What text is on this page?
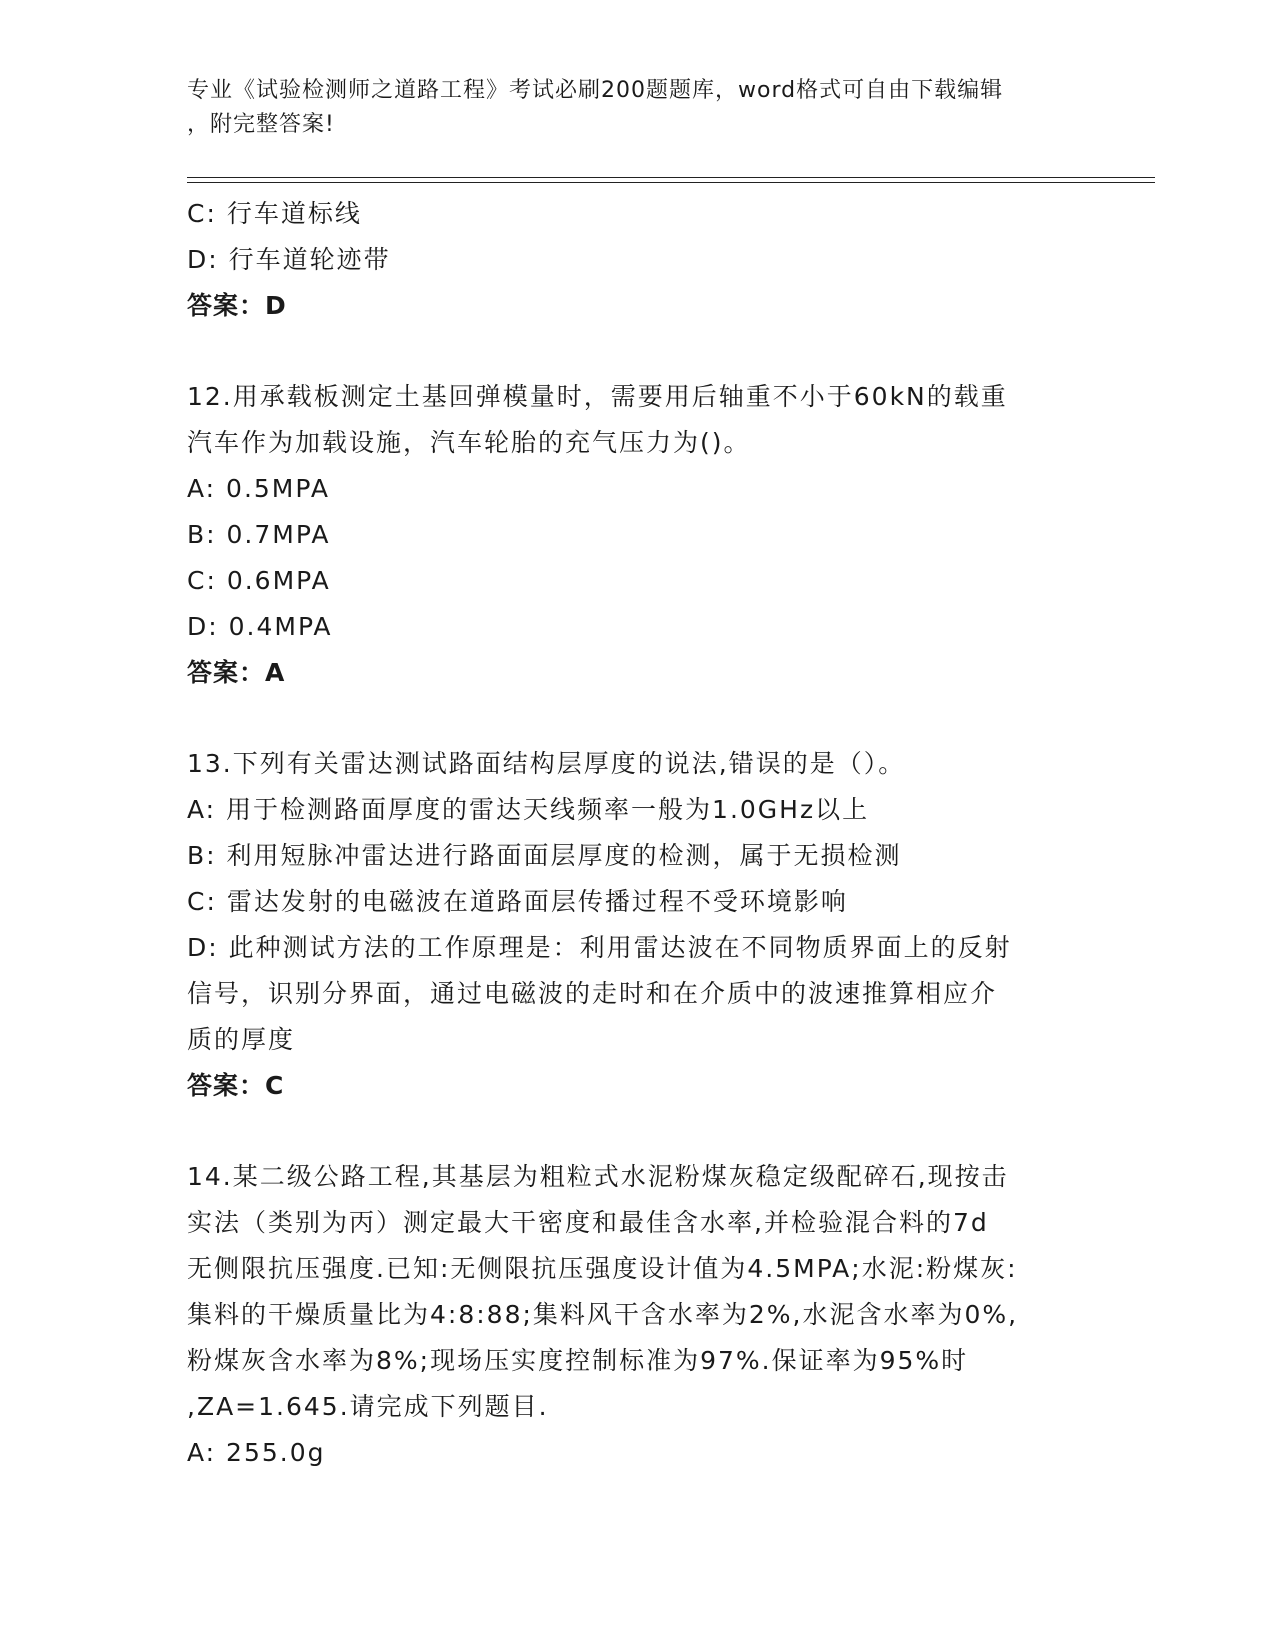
专业《试验检测师之道路工程》考试必刷200题题库，word格式可自由下载编辑
，附完整答案!
C: 行车道标线
D: 行车道轮迹带
答案：D
12.用承载板测定土基回弹模量时，需要用后轴重不小于60kN的载重
汽车作为加载设施，汽车轮胎的充气压力为()。
A: 0.5MPA
B: 0.7MPA
C: 0.6MPA
D: 0.4MPA
答案：A
13.下列有关雷达测试路面结构层厚度的说法,错误的是（）。
A: 用于检测路面厚度的雷达天线频率一般为1.0GHz以上
B: 利用短脉冲雷达进行路面面层厚度的检测，属于无损检测
C: 雷达发射的电磁波在道路面层传播过程不受环境影响
D: 此种测试方法的工作原理是：利用雷达波在不同物质界面上的反射
信号，识别分界面，通过电磁波的走时和在介质中的波速推算相应介
质的厚度
答案：C
14.某二级公路工程,其基层为粗粒式水泥粉煤灰稳定级配碎石,现按击
实法（类别为丙）测定最大干密度和最佳含水率,并检验混合料的7d
无侧限抗压强度.已知:无侧限抗压强度设计值为4.5MPA;水泥:粉煤灰:
集料的干燥质量比为4:8:88;集料风干含水率为2%,水泥含水率为0%,
粉煤灰含水率为8%;现场压实度控制标准为97%.保证率为95%时
,ZA=1.645.请完成下列题目.
A: 255.0g
